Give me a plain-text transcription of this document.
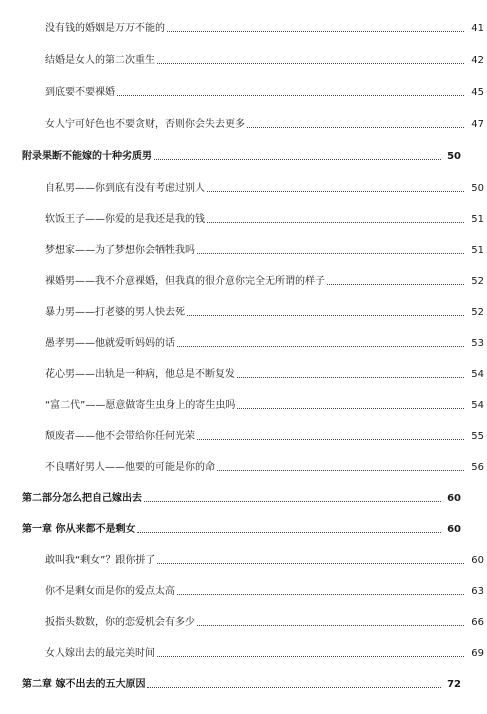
没有钱的婚姻是万万不能的	41
结婚是女人的第二次重生	42
到底要不要裸婚	45
女人宁可好色也不要贪财，否则你会失去更多	47
附录果断不能嫁的十种劣质男	50
自私男——你到底有没有考虑过别人	50
软饭王子——你爱的是我还是我的钱	51
梦想家——为了梦想你会牺牲我吗	51
裸婚男——我不介意裸婚，但我真的很介意你完全无所谓的样子	52
暴力男——打老婆的男人快去死	52
愚孝男——他就爱听妈妈的话	53
花心男——出轨是一种病，他总是不断复发	54
“富二代”——愿意做寄生虫身上的寄生虫吗	54
颓废者——他不会带给你任何光荣	55
不良嗜好男人——他要的可能是你的命	56
第二部分怎么把自己嫁出去	60
第一章 你从来都不是剩女	60
敢叫我“剩女”？跟你拼了	60
你不是剩女而是你的爱点太高	63
扳指头数数，你的恋爱机会有多少	66
女人嫁出去的最完美时间	69
第二章 嫁不出去的五大原因	72
